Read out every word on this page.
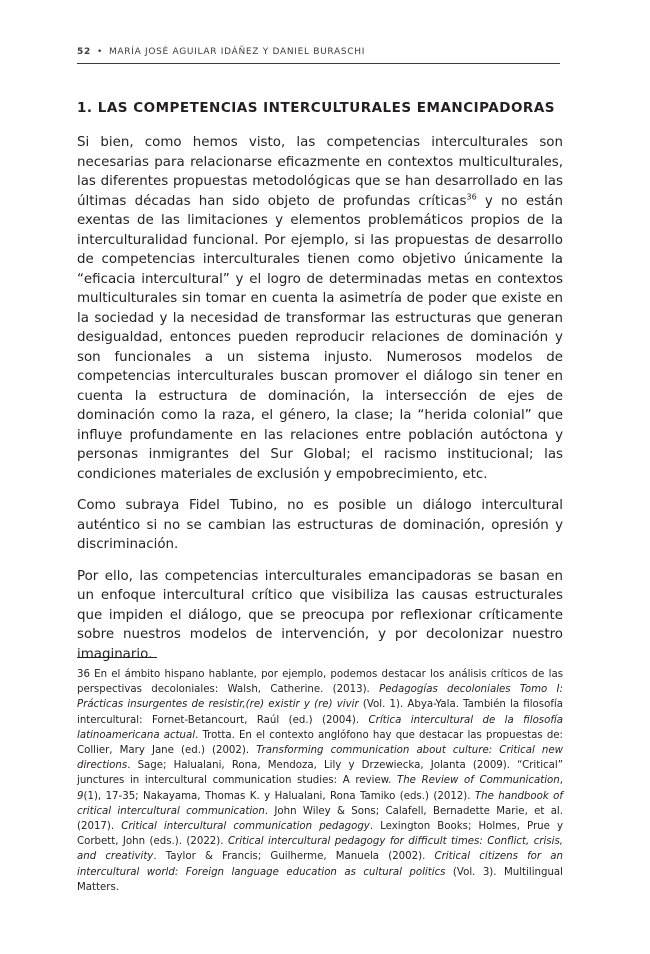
52 • MARÍA JOSÉ AGUILAR IDÁÑEZ Y DANIEL BURASCHI
1. LAS COMPETENCIAS INTERCULTURALES EMANCIPADORAS

Si bien, como hemos visto, las competencias interculturales son necesarias para relacionarse eficazmente en contextos multiculturales, las diferentes propuestas metodológicas que se han desarrollado en las últimas décadas han sido objeto de profundas críticas$^{36}$ y no están exentas de las limitaciones y elementos problemáticos propios de la interculturalidad funcional. Por ejemplo, si las propuestas de desarrollo de competencias interculturales tienen como objetivo únicamente la “eficacia intercultural” y el logro de determinadas metas en contextos multiculturales sin tomar en cuenta la asimetría de poder que existe en la sociedad y la necesidad de transformar las estructuras que generan desigualdad, entonces pueden reproducir relaciones de dominación y son funcionales a un sistema injusto. Numerosos modelos de competencias interculturales buscan promover el diálogo sin tener en cuenta la estructura de dominación, la intersección de ejes de dominación como la raza, el género, la clase; la “herida colonial” que influye profundamente en las relaciones entre población autóctona y personas inmigrantes del Sur Global; el racismo institucional; las condiciones materiales de exclusión y empobrecimiento, etc.

Como subraya Fidel Tubino, no es posible un diálogo intercultural auténtico si no se cambian las estructuras de dominación, opresión y discriminación.

Por ello, las competencias interculturales emancipadoras se basan en un enfoque intercultural crítico que visibiliza las causas estructurales que impiden el diálogo, que se preocupa por reflexionar críticamente sobre nuestros modelos de intervención, y por decolonizar nuestro imaginario.

36 En el ámbito hispano hablante, por ejemplo, podemos destacar los análisis críticos de las perspectivas decoloniales: Walsh, Catherine. (2013). Pedagogías decoloniales Tomo I: Prácticas insurgentes de resistir,(re) existir y (re) vivir (Vol. 1). Abya-Yala. También la filosofía intercultural: Fornet-Betancourt, Raúl (ed.) (2004). Crítica intercultural de la filosofía latinoamericana actual. Trotta. En el contexto anglófono hay que destacar las propuestas de: Collier, Mary Jane (ed.) (2002). Transforming communication about culture: Critical new directions. Sage; Halualani, Rona, Mendoza, Lily y Drzewiecka, Jolanta (2009). “Critical” junctures in intercultural communication studies: A review. The Review of Communication, 9(1), 17-35; Nakayama, Thomas K. y Halualani, Rona Tamiko (eds.) (2012). The handbook of critical intercultural communication. John Wiley & Sons; Calafell, Bernadette Marie, et al. (2017). Critical intercultural communication pedagogy. Lexington Books; Holmes, Prue y Corbett, John (eds.). (2022). Critical intercultural pedagogy for difficult times: Conflict, crisis, and creativity. Taylor & Francis; Guilherme, Manuela (2002). Critical citizens for an intercultural world: Foreign language education as cultural politics (Vol. 3). Multilingual Matters.
